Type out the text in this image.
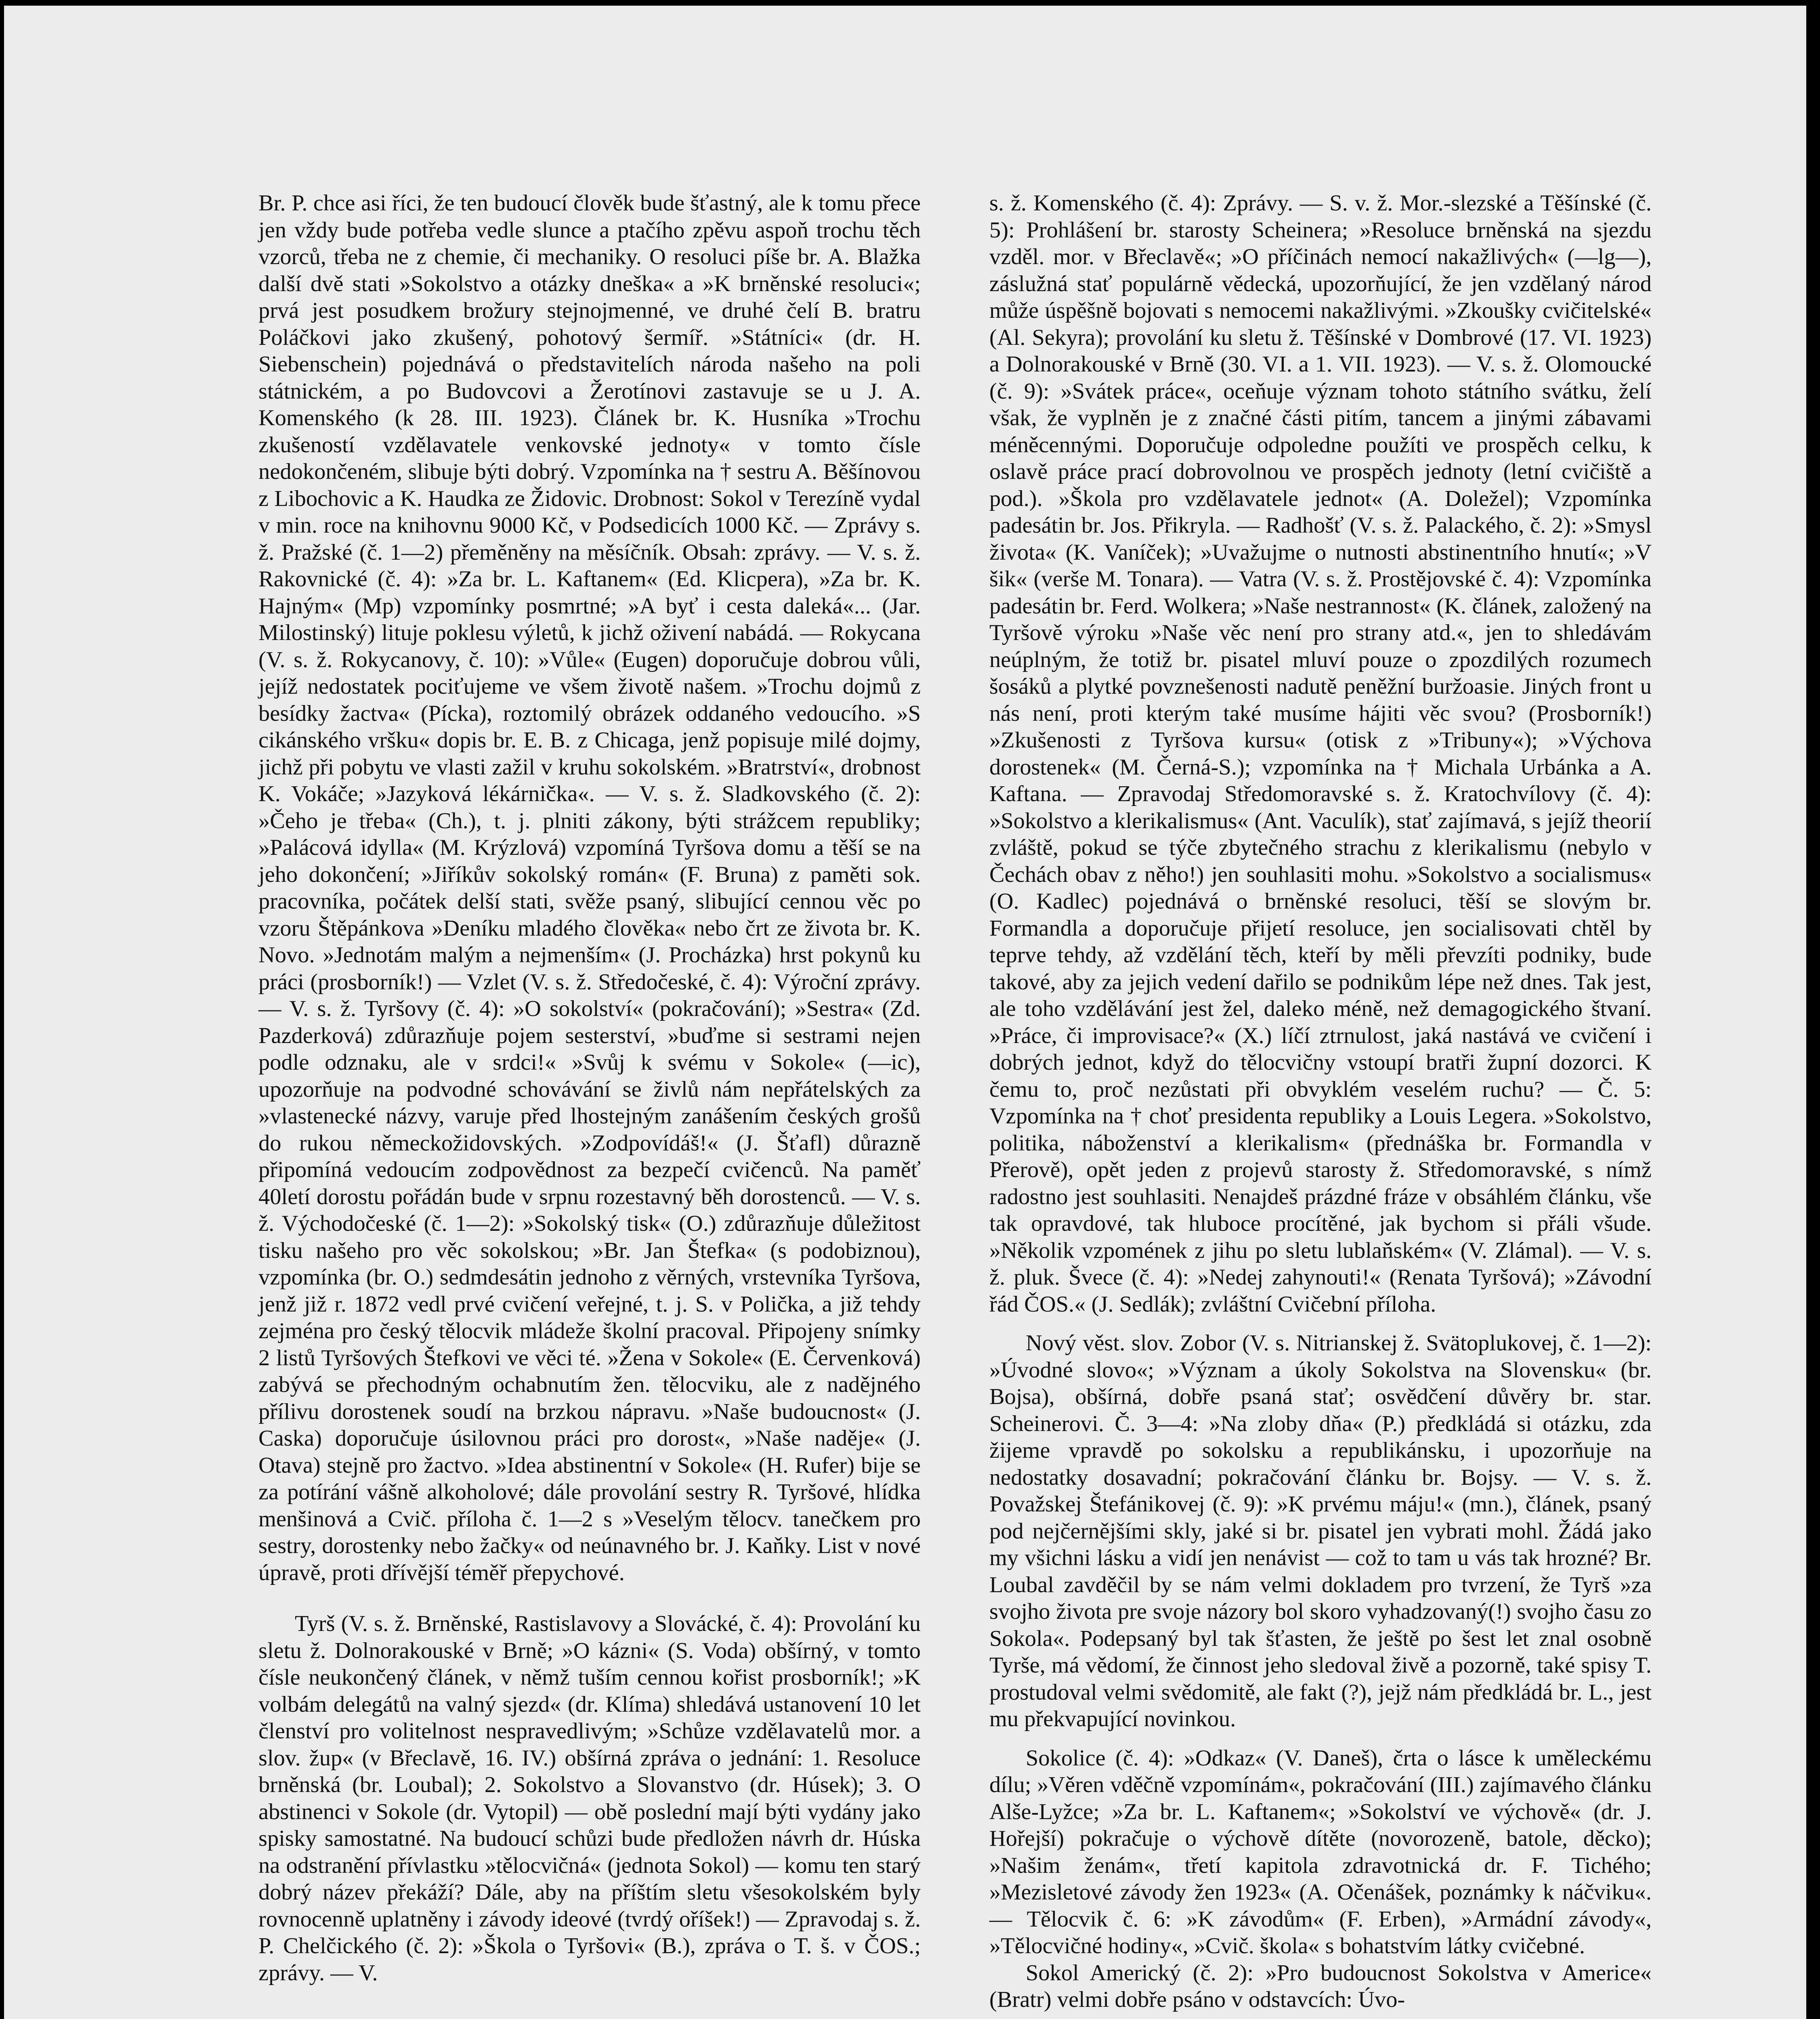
Br. P. chce asi říci, že ten budoucí člověk bude šťastný, ale k tomu přece jen vždy bude potřeba vedle slunce a ptačího zpěvu aspoň trochu těch vzorců, třeba ne z chemie, či mechaniky. O resoluci píše br. A. Blažka další dvě stati »Sokolstvo a otázky dneška« a »K brněnské resoluci«; prvá jest posudkem brožury stejnojmenné, ve druhé čelí B. bratru Poláčkovi jako zkušený, pohotový šermíř. »Státníci« (dr. H. Siebenschein) pojednává o představitelích národa našeho na poli státnickém, a po Budovcovi a Žerotínovi zastavuje se u J. A. Komenského (k 28. III. 1923). Článek br. K. Husníka »Trochu zkušeností vzdělavatele venkovské jednoty« v tomto čísle nedokončeném, slibuje býti dobrý. Vzpomínka na † sestru A. Běšínovou z Libochovic a K. Haudka ze Židovic. Drobnost: Sokol v Terezíně vydal v min. roce na knihovnu 9000 Kč, v Podsedicích 1000 Kč. — Zprávy s. ž. Pražské (č. 1—2) přeměněny na měsíčník. Obsah: zprávy. — V. s. ž. Rakovnické (č. 4): »Za br. L. Kaftanem« (Ed. Klicpera), »Za br. K. Hajným« (Mp) vzpomínky posmrtné; »A byť i cesta daleká«... (Jar. Milostinský) lituje poklesu výletů, k jichž oživení nabádá. — Rokycana (V. s. ž. Rokycanovy, č. 10): »Vůle« (Eugen) doporučuje dobrou vůli, jejíž nedostatek pociťujeme ve všem životě našem. »Trochu dojmů z besídky žactva« (Pícka), roztomilý obrázek oddaného vedoucího. »S cikánského vršku« dopis br. E. B. z Chicaga, jenž popisuje milé dojmy, jichž při pobytu ve vlasti zažil v kruhu sokolském. »Bratrství«, drobnost K. Vokáče; »Jazyková lékárnička«. — V. s. ž. Sladkovského (č. 2): »Čeho je třeba« (Ch.), t. j. plniti zákony, býti strážcem republiky; »Palácová idylla« (M. Krýzlová) vzpomíná Tyršova domu a těší se na jeho dokončení; »Jiříkův sokolský román« (F. Bruna) z paměti sok. pracovníka, počátek delší stati, svěže psaný, slibující cennou věc po vzoru Štěpánkova »Deníku mladého člověka« nebo črt ze života br. K. Novo. »Jednotám malým a nejmenším« (J. Procházka) hrst pokynů ku práci (prosborník!) — Vzlet (V. s. ž. Středočeské, č. 4): Výroční zprávy. — V. s. ž. Tyršovy (č. 4): »O sokolství« (pokračování); »Sestra« (Zd. Pazderková) zdůrazňuje pojem sesterství, »buďme si sestrami nejen podle odznaku, ale v srdci!« »Svůj k svému v Sokole« (—ic), upozorňuje na podvodné schovávání se živlů nám nepřátelských za »vlastenecké názvy, varuje před lhostejným zanášením českých grošů do rukou německožidovských. »Zodpovídáš!« (J. Šťafl) důrazně připomíná vedoucím zodpovědnost za bezpečí cvičenců. Na paměť 40letí dorostu pořádán bude v srpnu rozestavný běh dorostenců. — V. s. ž. Východočeské (č. 1—2): »Sokolský tisk« (O.) zdůrazňuje důležitost tisku našeho pro věc sokolskou; »Br. Jan Štefka« (s podobiznou), vzpomínka (br. O.) sedmdesátin jednoho z věrných, vrstevníka Tyršova, jenž již r. 1872 vedl prvé cvičení veřejné, t. j. S. v Polička, a již tehdy zejména pro český tělocvik mládeže školní pracoval. Připojeny snímky 2 listů Tyršových Štefkovi ve věci té. »Žena v Sokole« (E. Červenková) zabývá se přechodným ochabnutím žen. tělocviku, ale z nadějného přílivu dorostenek soudí na brzkou nápravu. »Naše budoucnost« (J. Caska) doporučuje úsilovnou práci pro dorost«, »Naše naděje« (J. Otava) stejně pro žactvo. »Idea abstinentní v Sokole« (H. Rufer) bije se za potírání vášně alkoholové; dále provolání sestry R. Tyršové, hlídka menšinová a Cvič. příloha č. 1—2 s »Veselým tělocv. tanečkem pro sestry, dorostenky nebo žačky« od neúnavného br. J. Kaňky. List v nové úpravě, proti dřívější téměř přepychové.

Tyrš (V. s. ž. Brněnské, Rastislavovy a Slovácké, č. 4): Provolání ku sletu ž. Dolnorakouské v Brně; »O kázni« (S. Voda) obšírný, v tomto čísle neukončený článek, v němž tuším cennou kořist prosborník!; »K volbám delegátů na valný sjezd« (dr. Klíma) shledává ustanovení 10 let členství pro volitelnost nespravedlivým; »Schůze vzdělavatelů mor. a slov. žup« (v Břeclavě, 16. IV.) obšírná zpráva o jednání: 1. Resoluce brněnská (br. Loubal); 2. Sokolstvo a Slovanstvo (dr. Húsek); 3. O abstinenci v Sokole (dr. Vytopil) — obě poslední mají býti vydány jako spisky samostatné. Na budoucí schůzi bude předložen návrh dr. Húska na odstranění přívlastku »tělocvičná« (jednota Sokol) — komu ten starý dobrý název překáží? Dále, aby na příštím sletu všesokolském byly rovnocenně uplatněny i závody ideové (tvrdý oříšek!) — Zpravodaj s. ž. P. Chelčického (č. 2): »Škola o Tyršovi« (B.), zpráva o T. š. v ČOS.; zprávy. — V.

s. ž. Komenského (č. 4): Zprávy. — S. v. ž. Mor.-slezské a Těšínské (č. 5): Prohlášení br. starosty Scheinera; »Resoluce brněnská na sjezdu vzděl. mor. v Břeclavě«; »O příčinách nemocí nakažlivých« (—lg—), záslužná stať populárně vědecká, upozorňující, že jen vzdělaný národ může úspěšně bojovati s nemocemi nakažlivými. »Zkoušky cvičitelské« (Al. Sekyra); provolání ku sletu ž. Těšínské v Dombrové (17. VI. 1923) a Dolnorakouské v Brně (30. VI. a 1. VII. 1923). — V. s. ž. Olomoucké (č. 9): »Svátek práce«, oceňuje význam tohoto státního svátku, želí však, že vyplněn je z značné části pitím, tancem a jinými zábavami méněcennými. Doporučuje odpoledne použíti ve prospěch celku, k oslavě práce prací dobrovolnou ve prospěch jednoty (letní cvičiště a pod.). »Škola pro vzdělavatele jednot« (A. Doležel); Vzpomínka padesátin br. Jos. Přikryla. — Radhošť (V. s. ž. Palackého, č. 2): »Smysl života« (K. Vaníček); »Uvažujme o nutnosti abstinentního hnutí«; »V šik« (verše M. Tonara). — Vatra (V. s. ž. Prostějovské č. 4): Vzpomínka padesátin br. Ferd. Wolkera; »Naše nestrannost« (K. článek, založený na Tyršově výroku »Naše věc není pro strany atd.«, jen to shledávám neúplným, že totiž br. pisatel mluví pouze o zpozdilých rozumech šosáků a plytké povznešenosti nadutě peněžní buržoasie. Jiných front u nás není, proti kterým také musíme hájiti věc svou? (Prosborník!) »Zkušenosti z Tyršova kursu« (otisk z »Tribuny«); »Výchova dorostenek« (M. Černá-S.); vzpomínka na † Michala Urbánka a A. Kaftana. — Zpravodaj Středomoravské s. ž. Kratochvílovy (č. 4): »Sokolstvo a klerikalismus« (Ant. Vaculík), stať zajímavá, s jejíž theorií zvláště, pokud se týče zbytečného strachu z klerikalismu (nebylo v Čechách obav z něho!) jen souhlasiti mohu. »Sokolstvo a socialismus« (O. Kadlec) pojednává o brněnské resoluci, těší se slovým br. Formandla a doporučuje přijetí resoluce, jen socialisovati chtěl by teprve tehdy, až vzdělání těch, kteří by měli převzíti podniky, bude takové, aby za jejich vedení dařilo se podnikům lépe než dnes. Tak jest, ale toho vzdělávání jest žel, daleko méně, než demagogického štvaní. »Práce, či improvisace?« (X.) líčí ztrnulost, jaká nastává ve cvičení i dobrých jednot, když do tělocvičny vstoupí bratři župní dozorci. K čemu to, proč nezůstati při obvyklém veselém ruchu? — Č. 5: Vzpomínka na † choť presidenta republiky a Louis Legera. »Sokolstvo, politika, náboženství a klerikalism« (přednáška br. Formandla v Přerově), opět jeden z projevů starosty ž. Středomoravské, s nímž radostno jest souhlasiti. Nenajdeš prázdné fráze v obsáhlém článku, vše tak opravdové, tak hluboce procítěné, jak bychom si přáli všude. »Několik vzpomének z jihu po sletu lublaňském« (V. Zlámal). — V. s. ž. pluk. Švece (č. 4): »Nedej zahynouti!« (Renata Tyršová); »Závodní řád ČOS.« (J. Sedlák); zvláštní Cvičební příloha.

Nový věst. slov. Zobor (V. s. Nitrianskej ž. Svätoplukovej, č. 1—2): »Úvodné slovo«; »Význam a úkoly Sokolstva na Slovensku« (br. Bojsa), obšírná, dobře psaná stať; osvědčení důvěry br. star. Scheinerovi. Č. 3—4: »Na zloby dňa« (P.) předkládá si otázku, zda žijeme vpravdě po sokolsku a republikánsku, i upozorňuje na nedostatky dosavadní; pokračování článku br. Bojsy. — V. s. ž. Považskej Štefánikovej (č. 9): »K prvému máju!« (mn.), článek, psaný pod nejčernějšími skly, jaké si br. pisatel jen vybrati mohl. Žádá jako my všichni lásku a vidí jen nenávist — což to tam u vás tak hrozné? Br. Loubal zavděčil by se nám velmi dokladem pro tvrzení, že Tyrš »za svojho života pre svoje názory bol skoro vyhadzovaný(!) svojho času zo Sokola«. Podepsaný byl tak šťasten, že ještě po šest let znal osobně Tyrše, má vědomí, že činnost jeho sledoval živě a pozorně, také spisy T. prostudoval velmi svědomitě, ale fakt (?), jejž nám předkládá br. L., jest mu překvapující novinkou.

Sokolice (č. 4): »Odkaz« (V. Daneš), črta o lásce k uměleckému dílu; »Věren vděčně vzpomínám«, pokračování (III.) zajímavého článku Alše-Lyžce; »Za br. L. Kaftanem«; »Sokolství ve výchově« (dr. J. Hořejší) pokračuje o výchově dítěte (novorozeně, batole, děcko); »Našim ženám«, třetí kapitola zdravotnická dr. F. Tichého; »Mezisletové závody žen 1923« (A. Očenášek, poznámky k náčviku«. — Tělocvik č. 6: »K závodům« (F. Erben), »Armádní závody«, »Tělocvičné hodiny«, »Cvič. škola« s bohatstvím látky cvičebné.

Sokol Americký (č. 2): »Pro budoucnost Sokolstva v Americe« (Bratr) velmi dobře psáno v odstavcích: Úvo-
